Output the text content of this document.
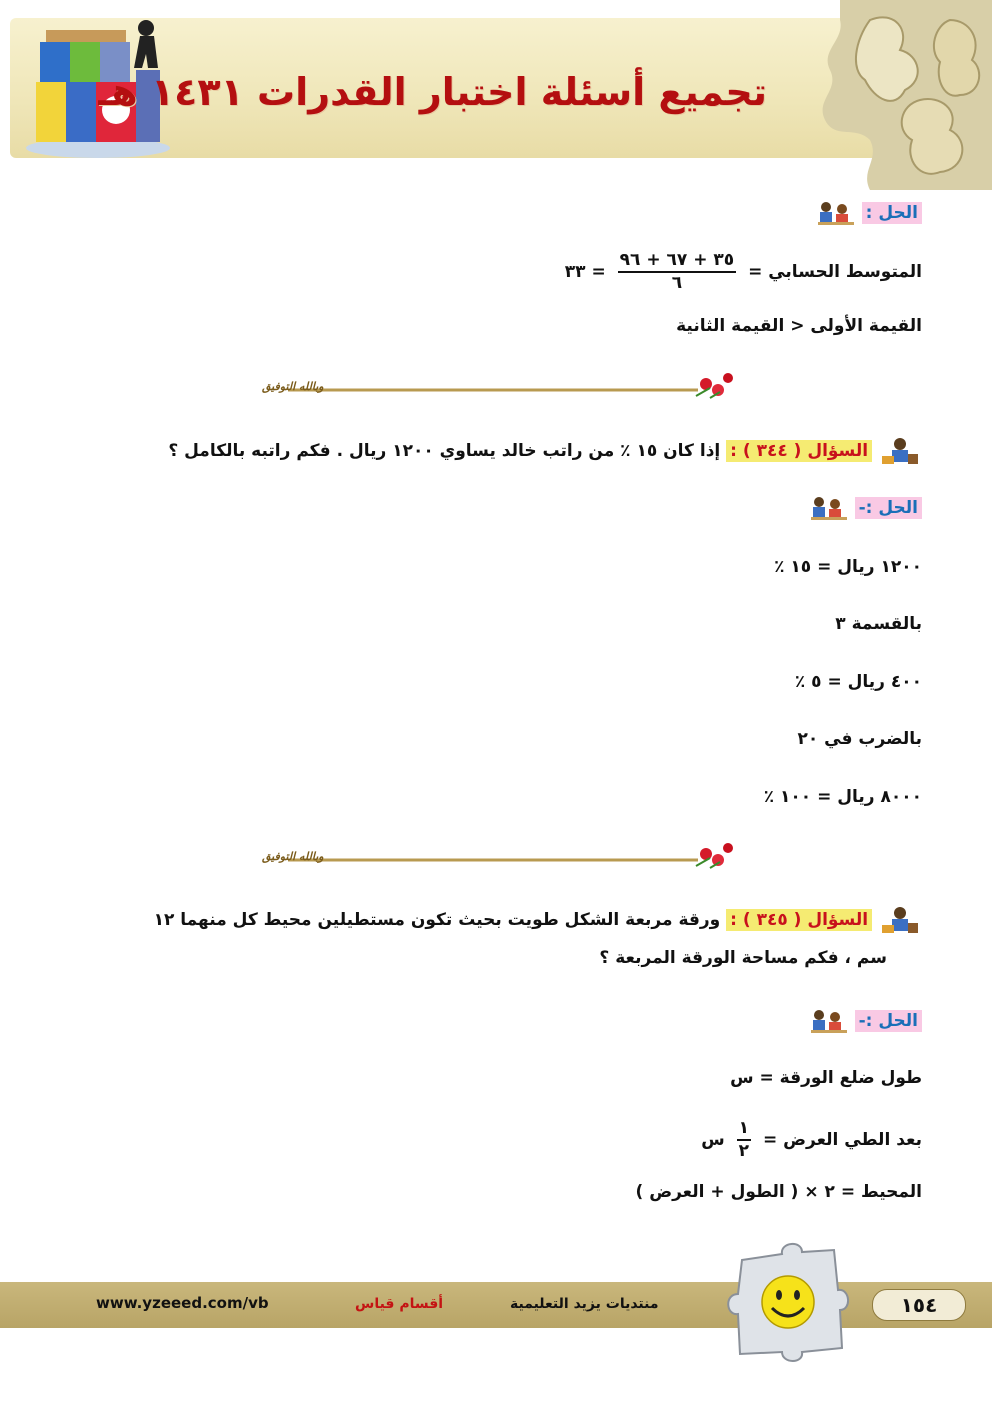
تجميع أسئلة اختبار القدرات ١٤٣١ هـ
الحل :
المتوسط الحسابي =
$\frac{٣٥ + ٦٧ + ٩٦}{٦}$
= ٣٣
القيمة الأولى < القيمة الثانية
وبالله التوفيق
السؤال ( ٣٤٤ ) : إذا كان ١٥ ٪ من راتب خالد يساوي ١٢٠٠ ريال . فكم راتبه بالكامل ؟
الحل :-
١٢٠٠ ريال = ١٥ ٪
بالقسمة ٣
٤٠٠ ريال = ٥ ٪
بالضرب في ٢٠
٨٠٠٠ ريال = ١٠٠ ٪
وبالله التوفيق
السؤال ( ٣٤٥ ) : ورقة مربعة الشكل طويت بحيث تكون مستطيلين محيط كل منهما ١٢
سم ، فكم مساحة الورقة المربعة ؟
الحل :-
طول ضلع الورقة = س
بعد الطي العرض =
$\frac{١}{٢}$
س
المحيط = ٢ × ( الطول + العرض )
www.yzeeed.com/vb	أقسام قياس	منتديات يزيد التعليمية	١٥٤
